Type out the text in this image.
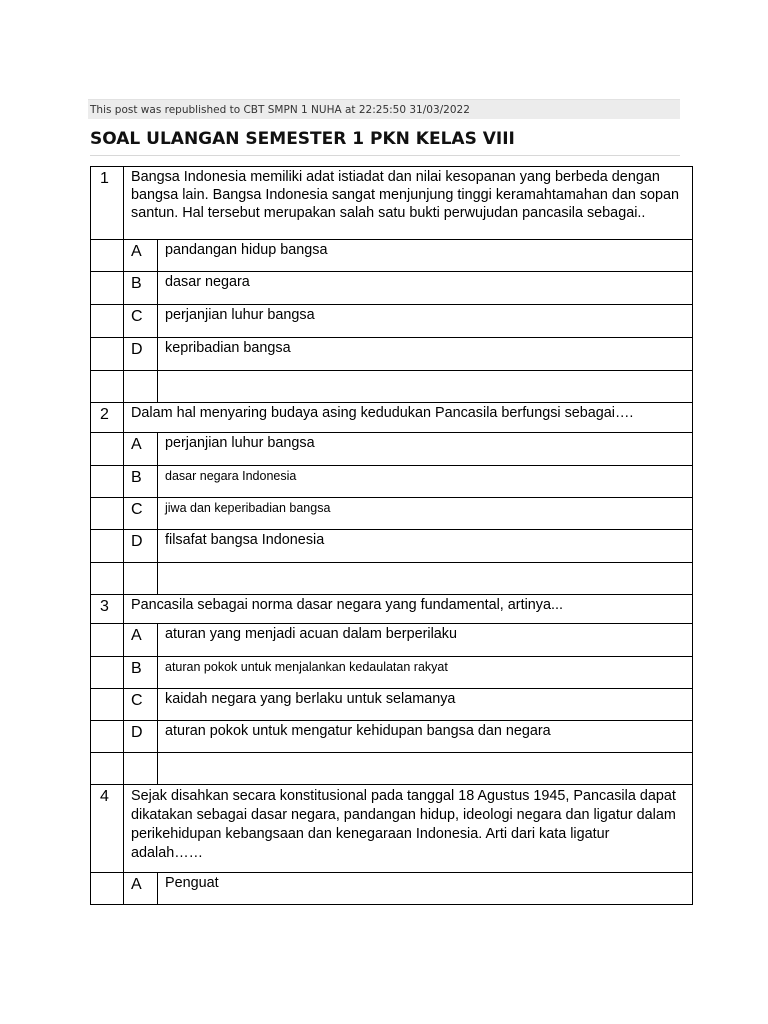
This post was republished to CBT SMPN 1 NUHA at 22:25:50 31/03/2022
SOAL ULANGAN SEMESTER 1 PKN KELAS VIII
1	Bangsa Indonesia memiliki adat istiadat dan nilai kesopanan yang berbeda dengan bangsa lain. Bangsa Indonesia sangat menjunjung tinggi keramahtamahan dan sopan santun. Hal tersebut merupakan salah satu bukti perwujudan pancasila sebagai..	
	A	pandangan hidup bangsa
	B	dasar negara
	C	perjanjian luhur bangsa
	D	kepribadian bangsa

2	Dalam hal menyaring budaya asing kedudukan Pancasila berfungsi sebagai….	
	A	perjanjian luhur bangsa
	B	dasar negara Indonesia
	C	jiwa dan keperibadian bangsa
	D	filsafat bangsa Indonesia

3	Pancasila sebagai norma dasar negara yang fundamental, artinya...	
	A	aturan yang menjadi acuan dalam berperilaku
	B	aturan pokok untuk menjalankan kedaulatan rakyat
	C	kaidah negara yang berlaku untuk selamanya
	D	aturan pokok untuk mengatur kehidupan bangsa dan negara

4	Sejak disahkan secara konstitusional pada tanggal 18 Agustus 1945, Pancasila dapat dikatakan sebagai dasar negara, pandangan hidup, ideologi negara dan ligatur dalam perikehidupan kebangsaan dan kenegaraan Indonesia. Arti dari kata ligatur adalah……	
	A	Penguat
